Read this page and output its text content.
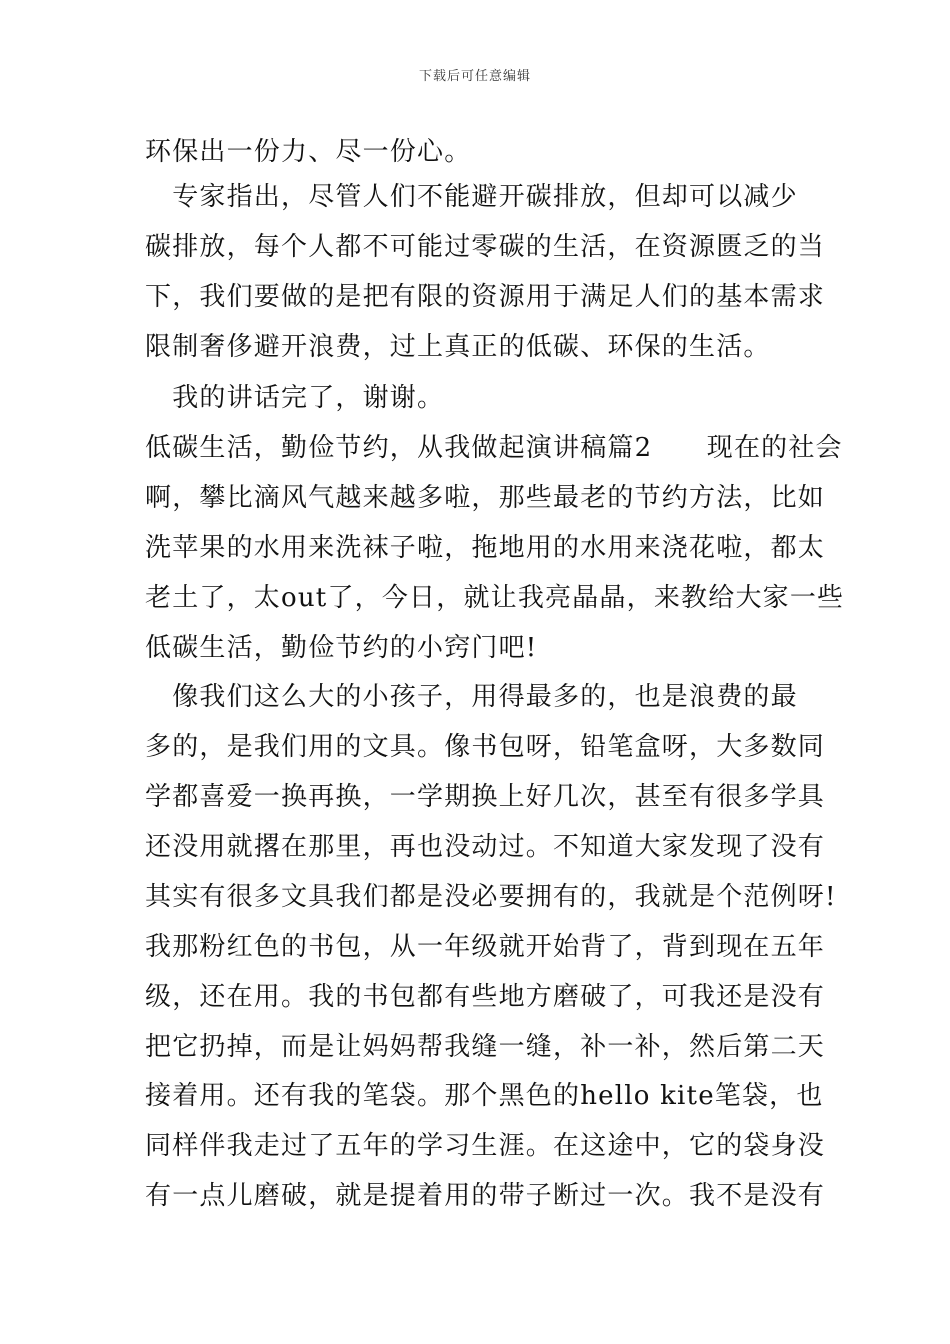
下载后可任意编辑
环保出一份力、尽一份心。
　专家指出，尽管人们不能避开碳排放，但却可以减少
碳排放，每个人都不可能过零碳的生活，在资源匮乏的当
下，我们要做的是把有限的资源用于满足人们的基本需求
限制奢侈避开浪费，过上真正的低碳、环保的生活。
　我的讲话完了，谢谢。
低碳生活，勤俭节约，从我做起演讲稿篇2　　现在的社会
啊，攀比滴风气越来越多啦，那些最老的节约方法，比如
洗苹果的水用来洗袜子啦，拖地用的水用来浇花啦，都太
老土了，太out了，今日，就让我亮晶晶，来教给大家一些
低碳生活，勤俭节约的小窍门吧!
　像我们这么大的小孩子，用得最多的，也是浪费的最
多的，是我们用的文具。像书包呀，铅笔盒呀，大多数同
学都喜爱一换再换，一学期换上好几次，甚至有很多学具
还没用就撂在那里，再也没动过。不知道大家发现了没有
其实有很多文具我们都是没必要拥有的，我就是个范例呀!
我那粉红色的书包，从一年级就开始背了，背到现在五年
级，还在用。我的书包都有些地方磨破了，可我还是没有
把它扔掉，而是让妈妈帮我缝一缝，补一补，然后第二天
接着用。还有我的笔袋。那个黑色的hello kite笔袋，也
同样伴我走过了五年的学习生涯。在这途中，它的袋身没
有一点儿磨破，就是提着用的带子断过一次。我不是没有
